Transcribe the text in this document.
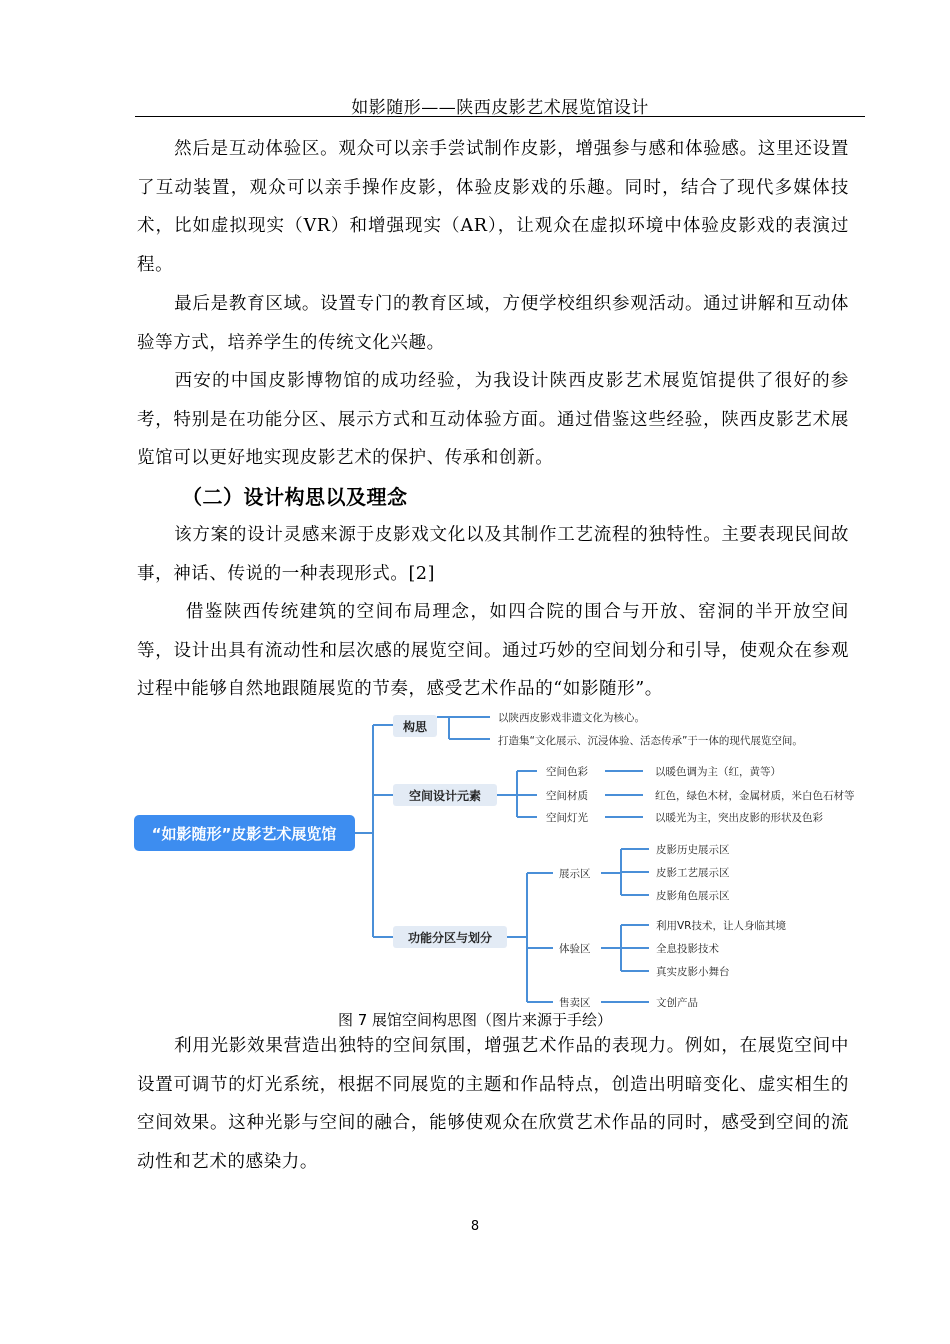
如影随形——陕西皮影艺术展览馆设计

然后是互动体验区。观众可以亲手尝试制作皮影，增强参与感和体验感。这里还设置了互动装置，观众可以亲手操作皮影，体验皮影戏的乐趣。同时，结合了现代多媒体技术，比如虚拟现实（VR）和增强现实（AR），让观众在虚拟环境中体验皮影戏的表演过程。

最后是教育区域。设置专门的教育区域，方便学校组织参观活动。通过讲解和互动体验等方式，培养学生的传统文化兴趣。

西安的中国皮影博物馆的成功经验，为我设计陕西皮影艺术展览馆提供了很好的参考，特别是在功能分区、展示方式和互动体验方面。通过借鉴这些经验，陕西皮影艺术展览馆可以更好地实现皮影艺术的保护、传承和创新。

（二）设计构思以及理念

该方案的设计灵感来源于皮影戏文化以及其制作工艺流程的独特性。主要表现民间故事，神话、传说的一种表现形式。[2]

借鉴陕西传统建筑的空间布局理念，如四合院的围合与开放、窑洞的半开放空间等，设计出具有流动性和层次感的展览空间。通过巧妙的空间划分和引导，使观众在参观过程中能够自然地跟随展览的节奏，感受艺术作品的“如影随形”。

“如影随形”皮影艺术展览馆
构思
以陕西皮影戏非遗文化为核心。
打造集“文化展示、沉浸体验、活态传承”于一体的现代展览空间。
空间设计元素
空间色彩
空间材质
空间灯光
以暖色调为主（红，黄等）
红色，绿色木材，金属材质，米白色石材等
以暖光为主，突出皮影的形状及色彩
功能分区与划分
展示区
体验区
售卖区
皮影历史展示区
皮影工艺展示区
皮影角色展示区
利用VR技术，让人身临其境
全息投影技术
真实皮影小舞台
文创产品
图 7 展馆空间构思图（图片来源于手绘）

利用光影效果营造出独特的空间氛围，增强艺术作品的表现力。例如，在展览空间中设置可调节的灯光系统，根据不同展览的主题和作品特点，创造出明暗变化、虚实相生的空间效果。这种光影与空间的融合，能够使观众在欣赏艺术作品的同时，感受到空间的流动性和艺术的感染力。

8
